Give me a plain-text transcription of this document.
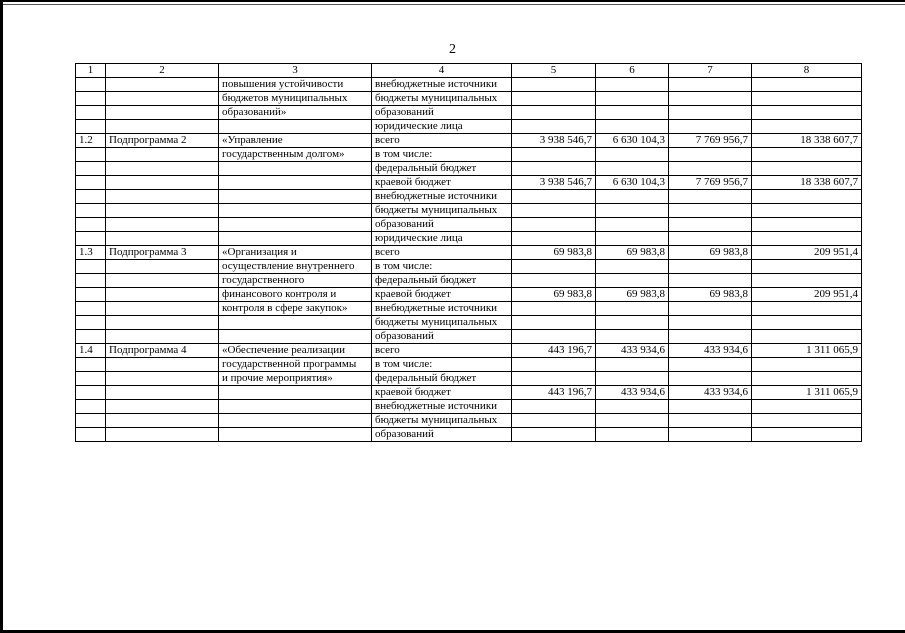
2
1	2	3	4	5	6	7	8
		повышения устойчивости	внебюджетные источники				
		бюджетов муниципальных	бюджеты муниципальных				
		образований»	образований				
			юридические лица				
1.2	Подпрограмма 2	«Управление	всего	3 938 546,7	6 630 104,3	7 769 956,7	18 338 607,7
		государственным долгом»	в том числе:				
			федеральный бюджет				
			краевой бюджет	3 938 546,7	6 630 104,3	7 769 956,7	18 338 607,7
			внебюджетные источники				
			бюджеты муниципальных				
			образований				
			юридические лица				
1.3	Подпрограмма 3	«Организация и	всего	69 983,8	69 983,8	69 983,8	209 951,4
		осуществление внутреннего	в том числе:				
		государственного	федеральный бюджет				
		финансового контроля и	краевой бюджет	69 983,8	69 983,8	69 983,8	209 951,4
		контроля в сфере закупок»	внебюджетные источники				
			бюджеты муниципальных				
			образований				
1.4	Подпрограмма 4	«Обеспечение реализации	всего	443 196,7	433 934,6	433 934,6	1 311 065,9
		государственной программы	в том числе:				
		и прочие мероприятия»	федеральный бюджет				
			краевой бюджет	443 196,7	433 934,6	433 934,6	1 311 065,9
			внебюджетные источники				
			бюджеты муниципальных				
			образований				
